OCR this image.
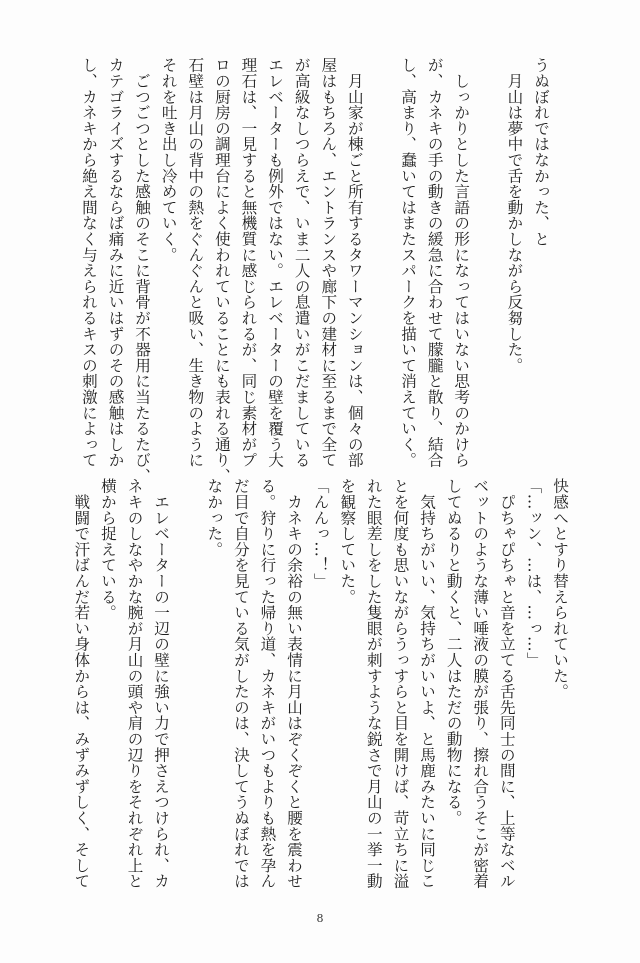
うぬぼれではなかった、と
　月山は夢中で舌を動かしながら反芻した。
　しっかりとした言語の形になってはいない思考のかけら
が、カネキの手の動きの緩急に合わせて朦朧と散り、結合
し、高まり、蠢いてはまたスパークを描いて消えていく。
　月山家が棟ごと所有するタワーマンションは、個々の部
屋はもちろん、エントランスや廊下の建材に至るまで全て
が高級なしつらえで、いま二人の息遣いがこだましている
エレベーターも例外ではない。エレベーターの壁を覆う大
理石は、一見すると無機質に感じられるが、同じ素材がプ
ロの厨房の調理台によく使われていることにも表れる通り、
石壁は月山の背中の熱をぐんぐんと吸い、生き物のように
それを吐き出し冷めていく。
　ごつごつとした感触のそこに背骨が不器用に当たるたび、
カテゴライズするならば痛みに近いはずのその感触はしか
し、カネキから絶え間なく与えられるキスの刺激によって
快感へとすり替えられていた。
「…ッン、…は、…っ…」
　ぴちゃぴちゃと音を立てる舌先同士の間に、上等なベル
ベットのような薄い唾液の膜が張り、擦れ合うそこが密着
してぬるりと動くと、二人はただの動物になる。
　気持ちがいい、気持ちがいいよ、と馬鹿みたいに同じこ
とを何度も思いながらうっすらと目を開けば、苛立ちに溢
れた眼差しをした隻眼が刺すような鋭さで月山の一挙一動
を観察していた。
「んんっ…！」
　カネキの余裕の無い表情に月山はぞくぞくと腰を震わせ
る。狩りに行った帰り道、カネキがいつもよりも熱を孕ん
だ目で自分を見ている気がしたのは、決してうぬぼれでは
なかった。
　エレベーターの一辺の壁に強い力で押さえつけられ、カ
ネキのしなやかな腕が月山の頭や肩の辺りをそれぞれ上と
横から捉えている。
　戦闘で汗ばんだ若い身体からは、みずみずしく、そして
8
